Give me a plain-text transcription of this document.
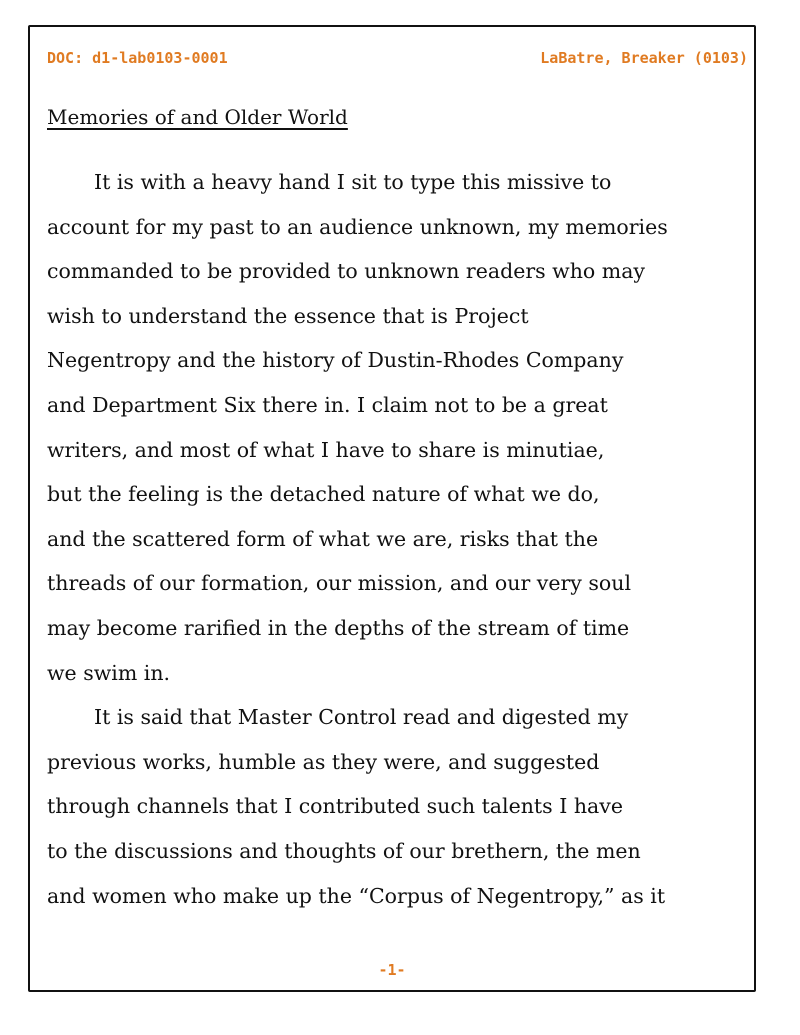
DOC: d1-lab0103-0001	LaBatre, Breaker (0103)
Memories of and Older World
It is with a heavy hand I sit to type this missive to
account for my past to an audience unknown, my memories
commanded to be provided to unknown readers who may
wish to understand the essence that is Project
Negentropy and the history of Dustin-Rhodes Company
and Department Six there in. I claim not to be a great
writers, and most of what I have to share is minutiae,
but the feeling is the detached nature of what we do,
and the scattered form of what we are, risks that the
threads of our formation, our mission, and our very soul
may become rarified in the depths of the stream of time
we swim in.
It is said that Master Control read and digested my
previous works, humble as they were, and suggested
through channels that I contributed such talents I have
to the discussions and thoughts of our brethern, the men
and women who make up the “Corpus of Negentropy,” as it
-1-
